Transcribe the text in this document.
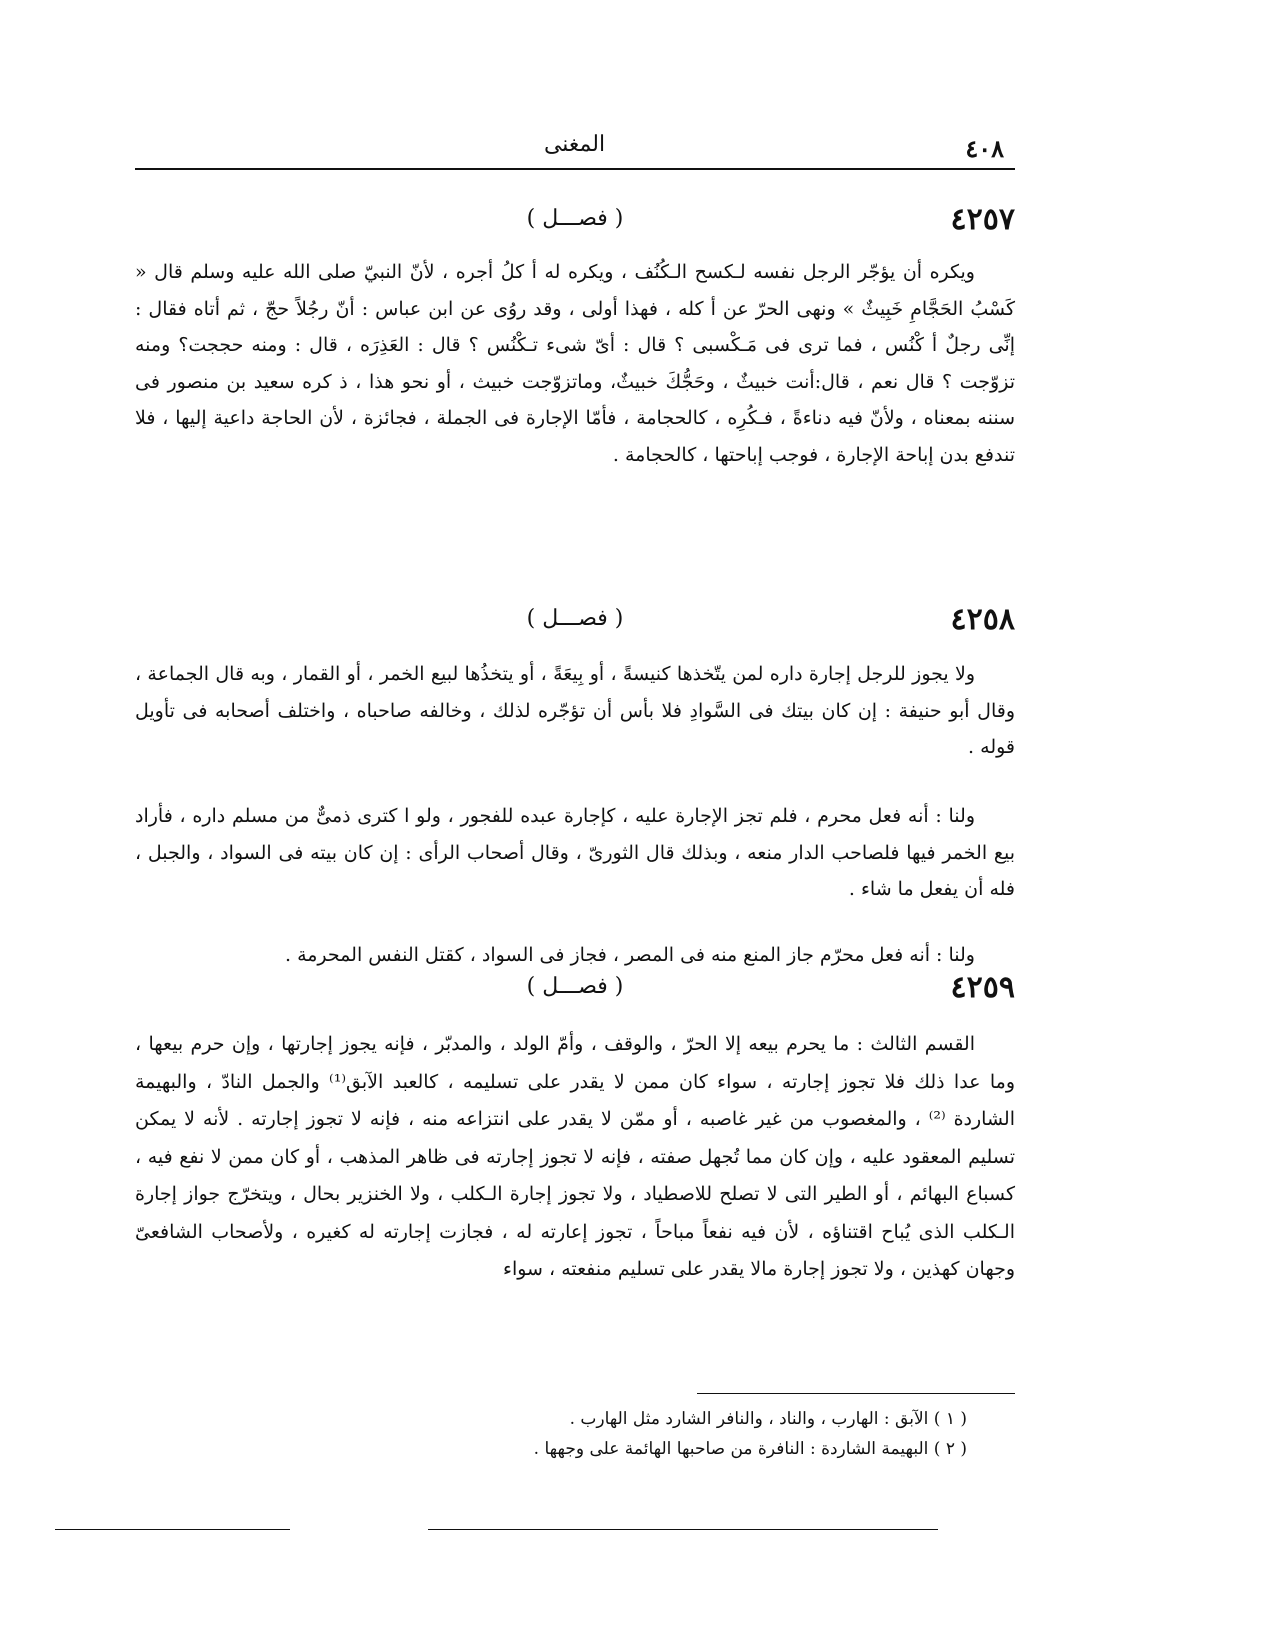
٤٠٨
المغنى
٤٢٥٧
( فصـــل )

ويكره أن يؤجّر الرجل نفسه لـكسح الـكُنُف ، ويكره له أ كلُ أجره ، لأنّ النبيّ صلى الله عليه وسلم قال « كَسْبُ الحَجَّامِ خَبِيثٌ » ونهى الحرّ عن أ كله ، فهذا أولى ، وقد روُى عن ابن عباس : أنّ رجُلاً حجّ ، ثم أتاه فقال : إنِّى رجلٌ أ كْنُس ، فما ترى فى مَـكْسبى ؟ قال : أىّ شىء تـكْنُس ؟ قال : العَذِرَه ، قال : ومنه حججت؟ ومنه تزوّجت ؟ قال نعم ، قال:أنت خبيثٌ ، وحَجُّكَ خبيثٌ، وماتزوّجت خبيث ، أو نحو هذا ، ذ كره سعيد بن منصور فى سننه بمعناه ، ولأنّ فيه دناءةً ، فـكُرِه ، كالحجامة ، فأمّا الإجارة فى الجملة ، فجائزة ، لأن الحاجة داعية إليها ، فلا تندفع بدن إباحة الإجارة ، فوجب إباحتها ، كالحجامة .

٤٢٥٨
( فصـــل )

ولا يجوز للرجل إجارة داره لمن يتّخذها كنيسةً ، أو بِيعَةً ، أو يتخذُها لبيع الخمر ، أو القمار ، وبه قال الجماعة ، وقال أبو حنيفة : إن كان بيتك فى السَّوادِ فلا بأس أن تؤجّره لذلك ، وخالفه صاحباه ، واختلف أصحابه فى تأويل قوله .

ولنا : أنه فعل محرم ، فلم تجز الإجارة عليه ، كإجارة عبده للفجور ، ولو ا كترى ذمىٌّ من مسلم داره ، فأراد بيع الخمر فيها فلصاحب الدار منعه ، وبذلك قال الثورىّ ، وقال أصحاب الرأى : إن كان بيته فى السواد ، والجبل ، فله أن يفعل ما شاء .

ولنا : أنه فعل محرّم جاز المنع منه فى المصر ، فجاز فى السواد ، كقتل النفس المحرمة .

٤٢٥٩
( فصـــل )

القسم الثالث : ما يحرم بيعه إلا الحرّ ، والوقف ، وأمّ الولد ، والمدبّر ، فإنه يجوز إجارتها ، وإن حرم بيعها ، وما عدا ذلك فلا تجوز إجارته ، سواء كان ممن لا يقدر على تسليمه ، كالعبد الآبق⁽¹⁾ والجمل النادّ ، والبهيمة الشاردة ⁽²⁾ ، والمغصوب من غير غاصبه ، أو ممّن لا يقدر على انتزاعه منه ، فإنه لا تجوز إجارته . لأنه لا يمكن تسليم المعقود عليه ، وإن كان مما تُجهل صفته ، فإنه لا تجوز إجارته فى ظاهر المذهب ، أو كان ممن لا نفع فيه ، كسباع البهائم ، أو الطير التى لا تصلح للاصطياد ، ولا تجوز إجارة الـكلب ، ولا الخنزير بحال ، ويتخرّج جواز إجارة الـكلب الذى يُباح اقتناؤه ، لأن فيه نفعاً مباحاً ، تجوز إعارته له ، فجازت إجارته له كغيره ، ولأصحاب الشافعىّ وجهان كهذين ، ولا تجوز إجارة مالا يقدر على تسليم منفعته ، سواء

( ١ ) الآبق : الهارب ، والناد ، والنافر الشارد مثل الهارب .
( ٢ ) البهيمة الشاردة : النافرة من صاحبها الهائمة على وجهها .
